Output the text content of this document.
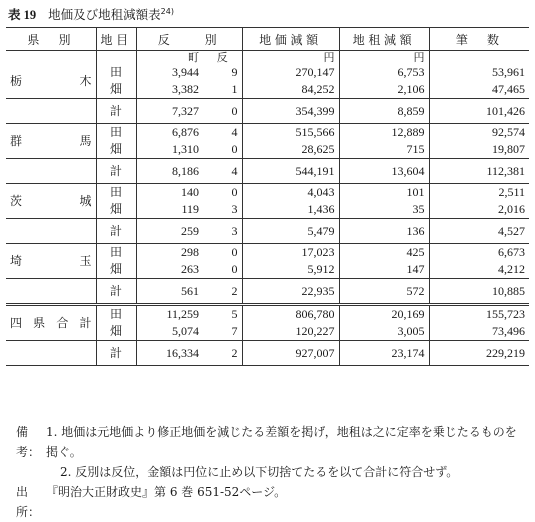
表 19 地価及び地租減額表$^{24)}$
県　別	地目	反　　別		地価減額	地租減額	筆　数
		町	反	円	円	
栃木	田	3,944	9	270,147	6,753	53,961
	畑	3,382	1	84,252	2,106	47,465
	計	7,327	0	354,399	8,859	101,426
群馬	田	6,876	4	515,566	12,889	92,574
	畑	1,310	0	28,625	715	19,807
	計	8,186	4	544,191	13,604	112,381
茨城	田	140	0	4,043	101	2,511
	畑	119	3	1,436	35	2,016
	計	259	3	5,479	136	4,527
埼玉	田	298	0	17,023	425	6,673
	畑	263	0	5,912	147	4,212
	計	561	2	22,935	572	10,885

四県合計	田	11,259	5	806,780	20,169	155,723
	畑	5,074	7	120,227	3,005	73,496
	計	16,334	2	927,007	23,174	229,219
備考：
1. 地価は元地価より修正地価を減じたる差額を掲げ，地租は之に定率を乗じたるものを掲ぐ。
2. 反別は反位，金額は円位に止め以下切捨てたるを以て合計に符合せず。
出所：
『明治大正財政史』第 6 巻 651-52ページ。
